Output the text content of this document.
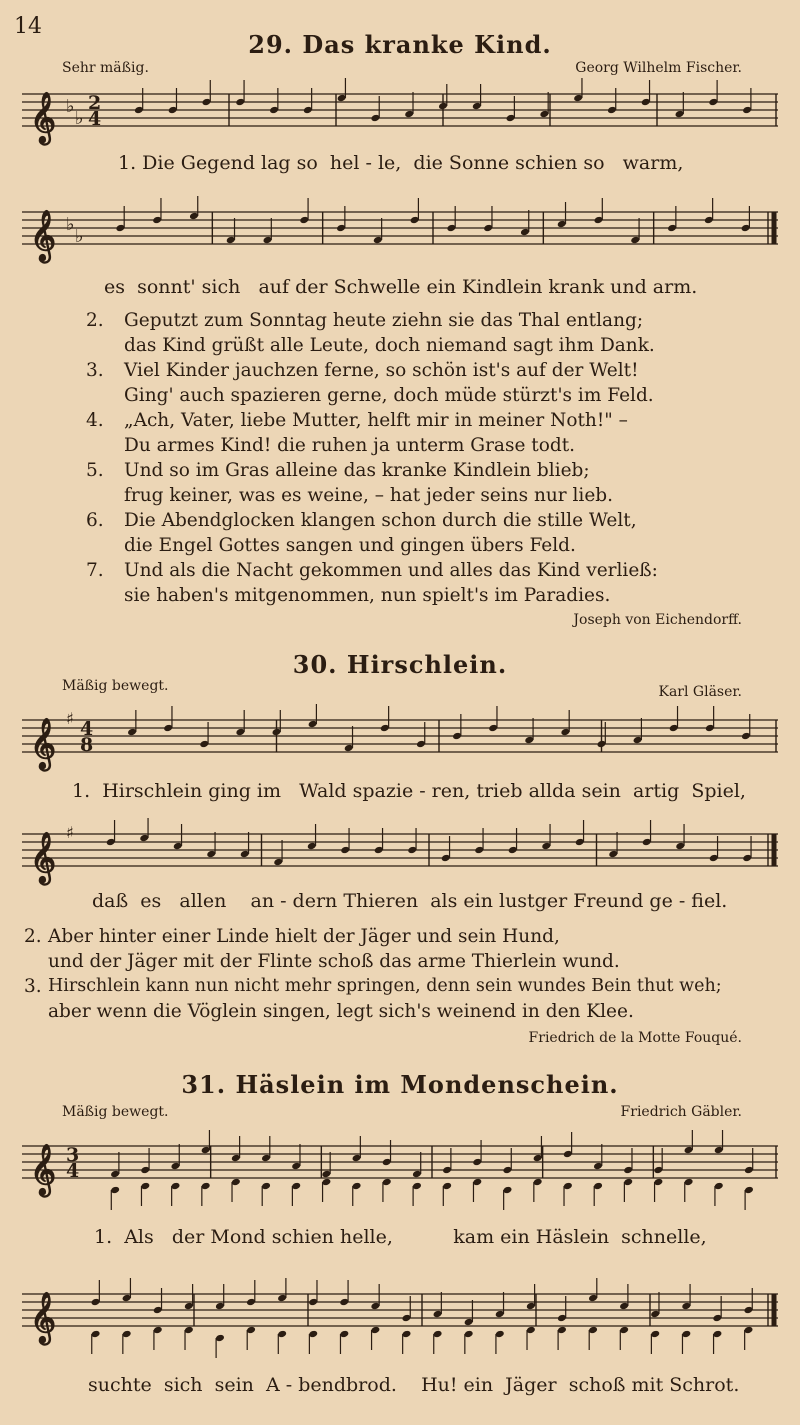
14
29. Das kranke Kind.
Sehr mäßig.	Georg Wilhelm Fischer.
𝄞 ♭
♭
2
4
1. Die Gegend lag so  hel - le,  die Sonne schien so   warm,
𝄞 ♭
♭
es  sonnt' sich   auf der Schwelle ein Kindlein krank und arm.

2.

Geputzt zum Sonntag heute ziehn sie das Thal entlang;

das Kind grüßt alle Leute, doch niemand sagt ihm Dank.

3.

Viel Kinder jauchzen ferne, so schön ist's auf der Welt!

Ging' auch spazieren gerne, doch müde stürzt's im Feld.

4.

„Ach, Vater, liebe Mutter, helft mir in meiner Noth!" –

Du armes Kind! die ruhen ja unterm Grase todt.

5.

Und so im Gras alleine das kranke Kindlein blieb;

frug keiner, was es weine, – hat jeder seins nur lieb.

6.

Die Abendglocken klangen schon durch die stille Welt,

die Engel Gottes sangen und gingen übers Feld.

7.

Und als die Nacht gekommen und alles das Kind verließ:

sie haben's mitgenommen, nun spielt's im Paradies.

Joseph von Eichendorff.
30. Hirschlein.
Mäßig bewegt.	Karl Gläser.
𝄞 ♯ 4
8
1.  Hirschlein ging im   Wald spazie - ren, trieb allda sein  artig  Spiel,
𝄞 ♯
daß  es   allen    an - dern Thieren  als ein lustger Freund ge - fiel.

2.

Aber hinter einer Linde hielt der Jäger und sein Hund,

und der Jäger mit der Flinte schoß das arme Thierlein wund.

3.

Hirschlein kann nun nicht mehr springen, denn sein wundes Bein thut weh;

aber wenn die Vöglein singen, legt sich's weinend in den Klee.

Friedrich de la Motte Fouqué.
31. Häslein im Mondenschein.
Mäßig bewegt.	Friedrich Gäbler.
𝄞 3
4
1.  Als   der Mond schien helle,          kam ein Häslein  schnelle,
𝄞
suchte  sich  sein  A - bendbrod.    Hu! ein  Jäger  schoß mit Schrot.
